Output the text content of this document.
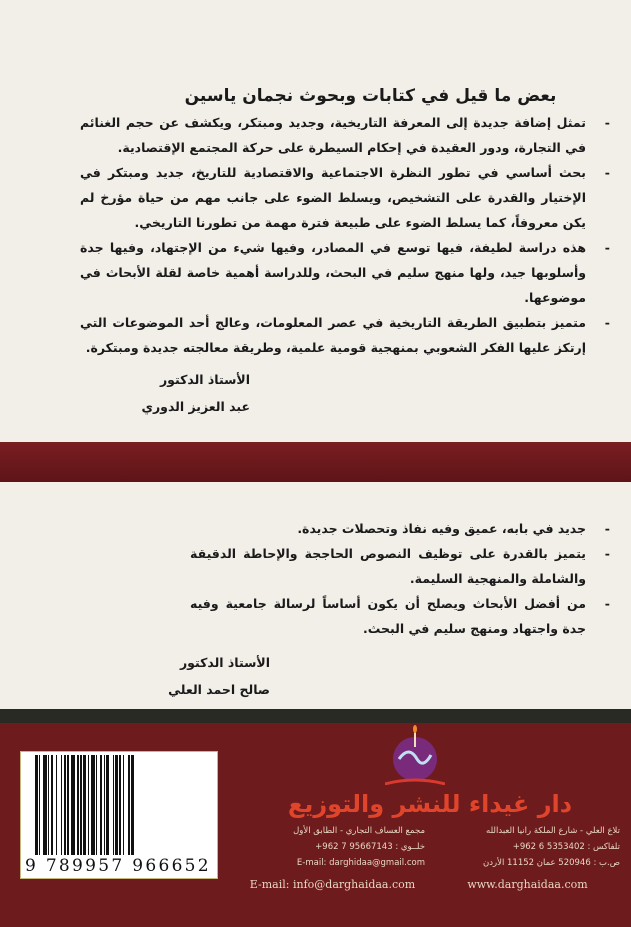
بعض ما قيل في كتابات وبحوث نجمان ياسين
-تمثل إضافة جديدة إلى المعرفة التاريخية، وجديد ومبتكر، ويكشف عن حجم الغنائم في التجارة، ودور العقيدة في إحكام السيطرة على حركة المجتمع الإقتصادية.
-بحث أساسي في تطور النظرة الاجتماعية والاقتصادية للتاريخ، جديد ومبتكر في الإختيار والقدرة على التشخيص، ويسلط الضوء على جانب مهم من حياة مؤرخ لم يكن معروفاً، كما يسلط الضوء على طبيعة فترة مهمة من تطورنا التاريخي.
-هذه دراسة لطيفة، فيها توسع في المصادر، وفيها شيء من الإجتهاد، وفيها جدة وأسلوبها جيد، ولها منهج سليم في البحث، وللدراسة أهمية خاصة لقلة الأبحاث في موضوعها.
-متميز بتطبيق الطريقة التاريخية في عصر المعلومات، وعالج أحد الموضوعات التي إرتكز عليها الفكر الشعوبي بمنهجية قومية علمية، وطريقة معالجته جديدة ومبتكرة.
الأستاذ الدكتور
عبد العزيز الدوري
-جديد في بابه، عميق وفيه نفاذ وتحصلات جديدة.
-يتميز بالقدرة على توظيف النصوص الحاججة والإحاطة الدقيقة والشاملة والمنهجية السليمة.
-من أفضل الأبحاث ويصلح أن يكون أساساً لرسالة جامعية وفيه جدة واجتهاد ومنهج سليم في البحث.
الأستاذ الدكتور
صالح احمد العلي
9 789957 966652
دار غيداء للنشر والتوزيع
مجمع العساف التجاري - الطابق الأول
خلــوي : 95667143 7 962+
E-mail: darghidaa@gmail.com
E-mail: info@darghaidaa.com
تلاع العلي - شارع الملكة رانيا العبدالله
تلفاكس : 5353402 6 962+
ص.ب : 520946 عمان 11152 الأردن
www.darghaidaa.com
